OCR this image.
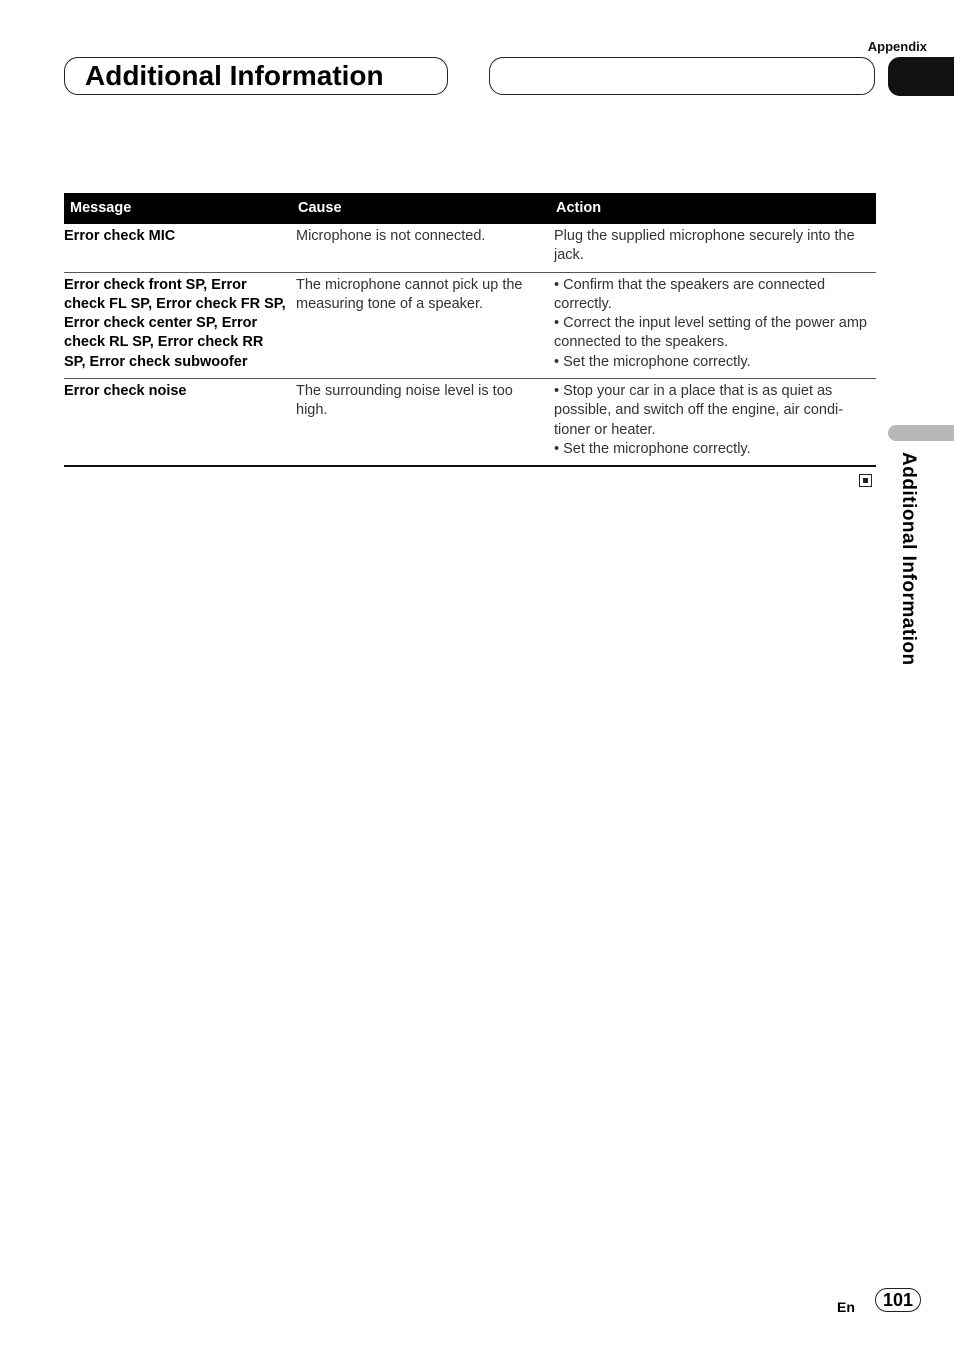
Appendix
Additional Information
Additional Information
Message	Cause	Action
Error check MIC	Microphone is not connected.	Plug the supplied microphone securely into the jack.
Error check front SP, Error check FL SP, Error check FR SP, Error check center SP, Error check RL SP, Error check RR SP, Error check subwoofer	The microphone cannot pick up the measuring tone of a speaker.	• Confirm that the speakers are connected correctly.
• Correct the input level setting of the power amp connected to the speakers.
• Set the microphone correctly.

Error check noise	The surrounding noise level is too high.	• Stop your car in a place that is as quiet as possible, and switch off the engine, air condi-tioner or heater.
• Set the microphone correctly.
En	101
